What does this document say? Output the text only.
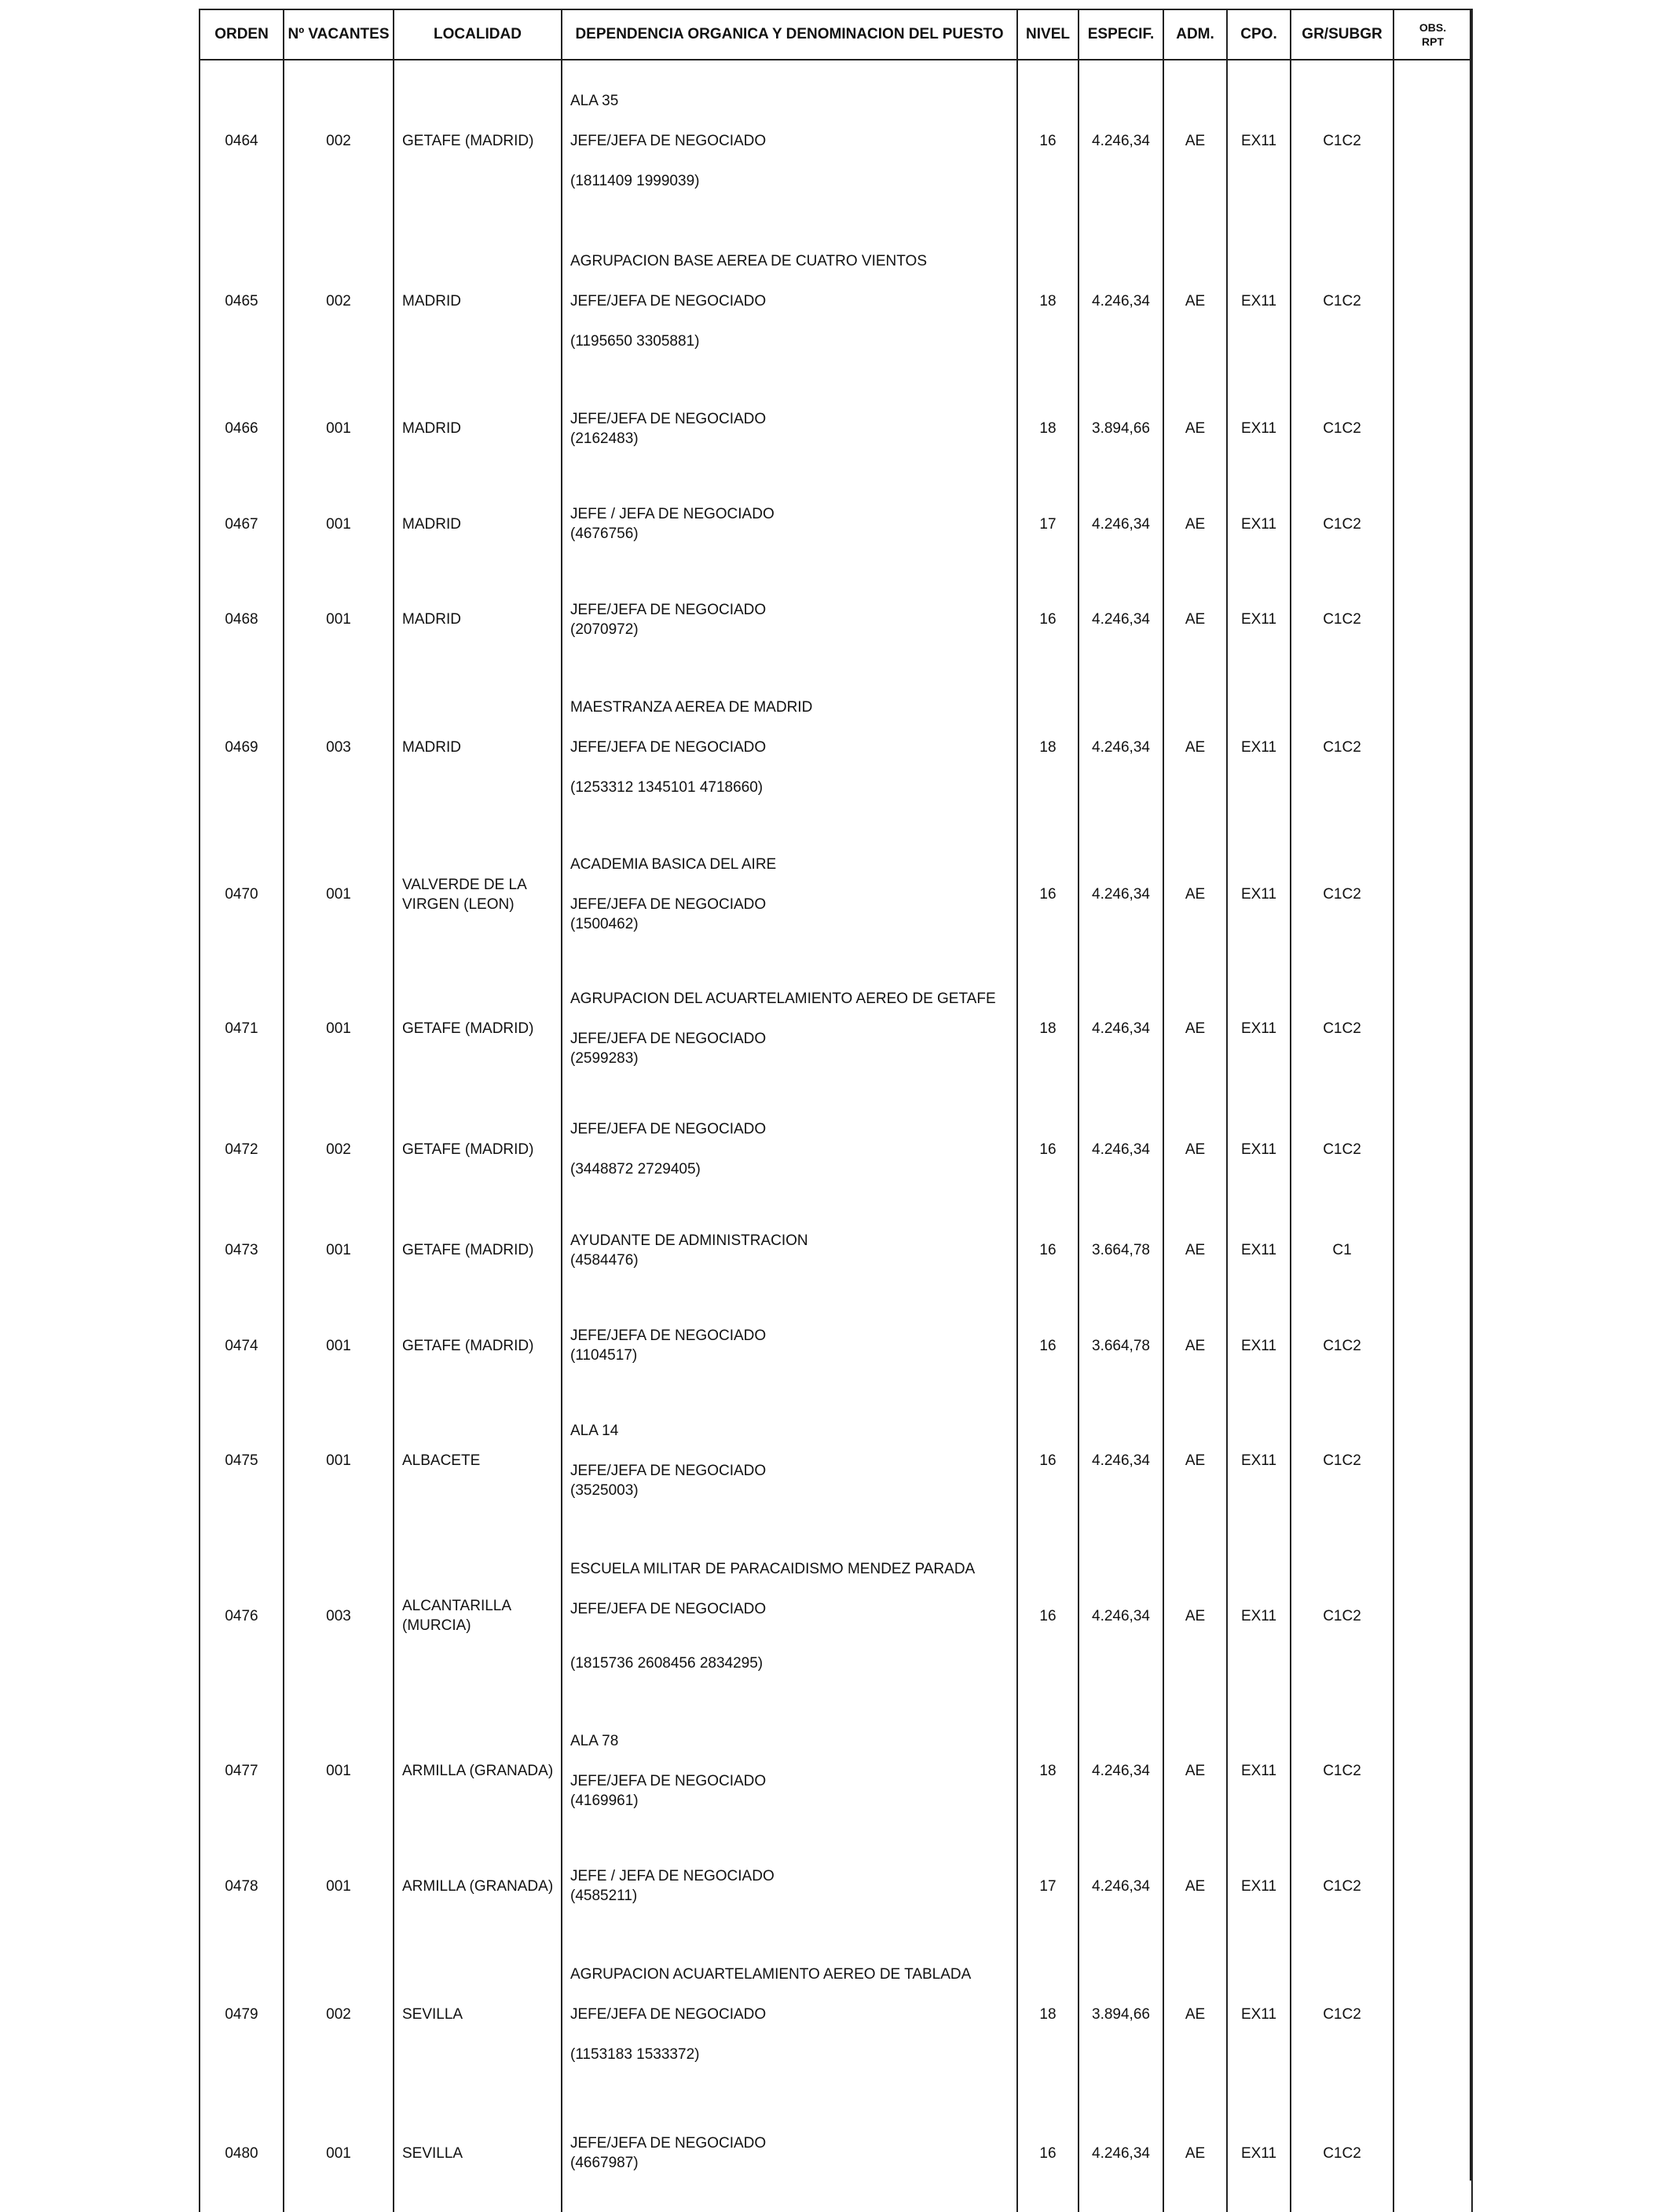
ORDEN	Nº VACANTES	LOCALIDAD	DEPENDENCIA ORGANICA Y DENOMINACION DEL PUESTO	NIVEL	ESPECIF.	ADM.	CPO.	GR/SUBGR	OBS.
RPT
0464	002	GETAFE (MADRID)	ALA 35
JEFE/JEFA DE NEGOCIADO
(1811409 1999039)	16	4.246,34	AE	EX11	C1C2	
0465	002	MADRID	AGRUPACION BASE AEREA DE CUATRO VIENTOS
JEFE/JEFA DE NEGOCIADO
(1195650 3305881)	18	4.246,34	AE	EX11	C1C2	
0466	001	MADRID	JEFE/JEFA DE NEGOCIADO
(2162483)	18	3.894,66	AE	EX11	C1C2	
0467	001	MADRID	JEFE / JEFA DE NEGOCIADO
(4676756)	17	4.246,34	AE	EX11	C1C2	
0468	001	MADRID	JEFE/JEFA DE NEGOCIADO
(2070972)	16	4.246,34	AE	EX11	C1C2	
0469	003	MADRID	MAESTRANZA AEREA DE MADRID
JEFE/JEFA DE NEGOCIADO
(1253312 1345101 4718660)	18	4.246,34	AE	EX11	C1C2	
0470	001	VALVERDE DE LA VIRGEN (LEON)	ACADEMIA BASICA DEL AIRE
JEFE/JEFA DE NEGOCIADO
(1500462)	16	4.246,34	AE	EX11	C1C2	
0471	001	GETAFE (MADRID)	AGRUPACION DEL ACUARTELAMIENTO AEREO DE GETAFE
JEFE/JEFA DE NEGOCIADO
(2599283)	18	4.246,34	AE	EX11	C1C2	
0472	002	GETAFE (MADRID)	JEFE/JEFA DE NEGOCIADO
(3448872 2729405)	16	4.246,34	AE	EX11	C1C2	
0473	001	GETAFE (MADRID)	AYUDANTE DE ADMINISTRACION
(4584476)	16	3.664,78	AE	EX11	C1	
0474	001	GETAFE (MADRID)	JEFE/JEFA DE NEGOCIADO
(1104517)	16	3.664,78	AE	EX11	C1C2	
0475	001	ALBACETE	ALA 14
JEFE/JEFA DE NEGOCIADO
(3525003)	16	4.246,34	AE	EX11	C1C2	
0476	003	ALCANTARILLA (MURCIA)	ESCUELA MILITAR DE PARACAIDISMO MENDEZ PARADA
JEFE/JEFA DE NEGOCIADO
(1815736 2608456 2834295)	16	4.246,34	AE	EX11	C1C2	
0477	001	ARMILLA (GRANADA)	ALA 78
JEFE/JEFA DE NEGOCIADO
(4169961)	18	4.246,34	AE	EX11	C1C2	
0478	001	ARMILLA (GRANADA)	JEFE / JEFA DE NEGOCIADO
(4585211)	17	4.246,34	AE	EX11	C1C2	
0479	002	SEVILLA	AGRUPACION ACUARTELAMIENTO AEREO DE TABLADA
JEFE/JEFA DE NEGOCIADO
(1153183 1533372)	18	3.894,66	AE	EX11	C1C2	
0480	001	SEVILLA	JEFE/JEFA DE NEGOCIADO
(4667987)	16	4.246,34	AE	EX11	C1C2	
